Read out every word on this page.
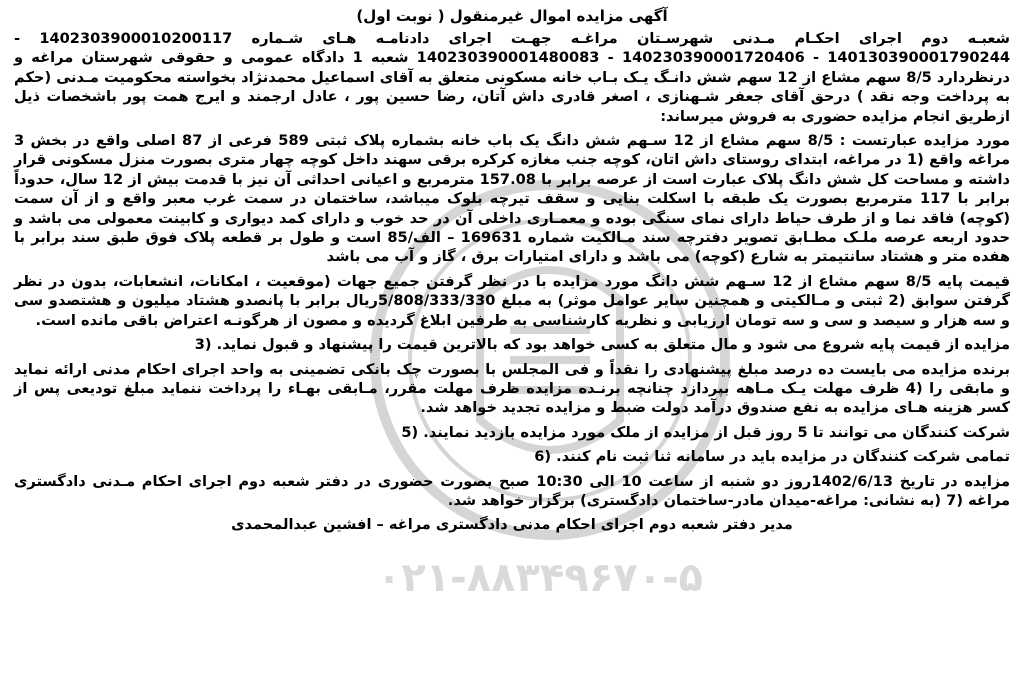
آگهی مزایده اموال غیرمنقول ( نوبت اول)
شعبـه دوم اجرای احکـام مـدنی شهرسـتان مراغـه جهـت اجرای دادنامـه هـای شـماره 140230390001020011‌7 - 140130390001790244 - 140230390001720406 - 140230390001480083 شعبه 1 دادگاه عمومی و حقوقی شهرستان مراغه و درنظردارد 8/5 سهم مشاع از 12 سهم شش دانـگ یـک بـاب خانه مسکونی متعلق به آقای اسماعیل محمدنژاد بخواسته محکومیت مـدنی (حکم به پرداخت وجه نقد ) درحق آقای جعفر شـهنازی ، اصغر قادری داش آتان، رضا حسین پور ، عادل ارجمند و ایرج همت پور باشخصات ذیل ازطریق انجام مزایده حضوری به فروش میرساند:
مورد مزایده عبارتست : 8/5 سهم مشاع از 12 سـهم شش دانگ یک باب خانه بشماره پلاک ثبتی 589 فرعی از 87 اصلی واقع در بخش 3 مراغه واقع (1 در مراغه، ابتدای روستای داش اتان، کوچه جنب مغازه کرکره برقی سهند داخل کوچه چهار متری بصورت منزل مسکونی قرار داشته و مساحت کل شش دانگ پلاک عبارت است از عرصه برابر با 157.08 مترمربع و اعیانی احداثی آن نیز با قدمت بیش از 12 سال، حدوداً برابر با 117 مترمربع بصورت یک طبقه با اسکلت بنایی و سقف تیرچه بلوک میباشد، ساختمان در سمت غرب معبر واقع و از آن سمت (کوچه) فاقد نما و از طرف حیاط دارای نمای سنگی بوده و معمـاری داخلی آن در حد خوب و دارای کمد دیواری و کابینت معمولی می باشد و حدود اربعه عرصه ملـک مطـابق تصویر دفترچه سند مـالکیت شماره 169631 – الف/85 است و طول بر قطعه پلاک فوق طبق سند برابر با هفده متر و هشتاد سانتیمتر به شارع (کوچه) می باشد و دارای امتیارات برق ، گاز و آب می باشد
قیمت پایه 8/5 سهم مشاع از 12 سـهم شش دانگ مورد مزایده با در نظر گرفتن جمیع جهات (موقعیت ، امکانات، انشعابات، بدون در نظر گرفتن سوابق (2 ثبتی و مـالکیتی و همچنین سایر عوامل موثر) به مبلغ 5/808/333/330ریال برابر با پانصدو هشتاد میلیون و هشتصدو سی و سه هزار و سیصد و سی و سه تومان ارزیابی و نظریه کارشناسی به طرفین ابلاغ گردیده و مصون از هرگونـه اعتراض باقی مانده است.
مزایده از قیمت پایه شروع می شود و مال متعلق به کسی خواهد بود که بالاترین قیمت را پیشنهاد و قبول نماید. (3
برنده مزایده می بایست ده درصد مبلغ پیشنهادی را نقداً و فی المجلس با بصورت چک بانکی تضمینی به واحد اجرای احکام مدنی ارائه نماید و مابقی را (4 ظرف مهلت یـک مـاهه بپردازد چنانچه برنـده مزایده ظرف مهلت مقرر، مـابقی بهـاء را پرداخت ننماید مبلغ تودیعی پس از کسر هزینه هـای مزایده به نفع صندوق درآمد دولت ضبط و مزایده تجدید خواهد شد.
شرکت کنندگان می توانند تا 5 روز قبل از مزایده از ملک مورد مزایده بازدید نمایند. (5
تمامی شرکت کنندگان در مزایده باید در سامانه ثنا ثبت نام کنند. (6
مزایده در تاریخ 1402/6/13روز دو شنبه از ساعت 10 الی 10:30 صبح بصورت حضوری در دفتر شعبه دوم اجرای احکام مـدنی دادگستری مراغه (7 (به نشانی: مراغه-میدان مادر-ساختمان دادگستری) برگزار خواهد شد.
مدیر دفتر شعبه دوم اجرای احکام مدنی دادگستری مراغه – افشین عبدالمحمدی
۰۲۱-۸۸۳۴۹۶۷۰-۵
